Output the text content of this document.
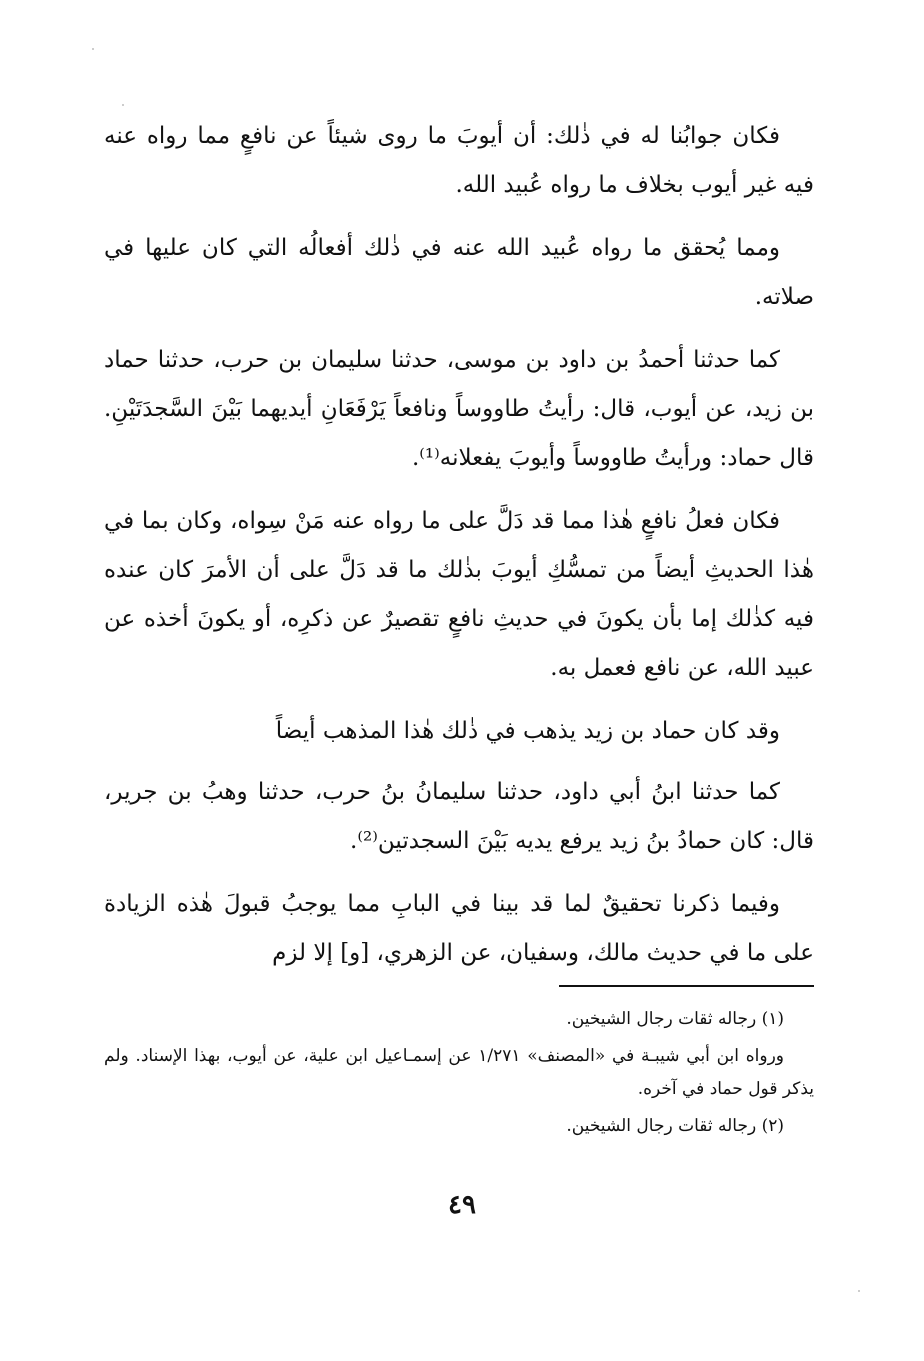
فكان جوابُنا له في ذٰلك: أن أيوبَ ما روى شيئاً عن نافعٍ مما رواه عنه فيه غير أيوب بخلاف ما رواه عُبيد الله.

ومما يُحقق ما رواه عُبيد الله عنه في ذٰلك أفعالُه التي كان عليها في صلاته.

كما حدثنا أحمدُ بن داود بن موسى، حدثنا سليمان بن حرب، حدثنا حماد بن زيد، عن أيوب، قال: رأيتُ طاووساً ونافعاً يَرْفَعَانِ أيديهما بَيْنَ السَّجدَتَيْنِ. قال حماد: ورأيتُ طاووساً وأيوبَ يفعلانه⁽¹⁾.

فكان فعلُ نافعٍ هٰذا مما قد دَلَّ على ما رواه عنه مَنْ سِواه، وكان بما في هٰذا الحديثِ أيضاً من تمسُّكِ أيوبَ بذٰلك ما قد دَلَّ على أن الأمرَ كان عنده فيه كذٰلك إما بأن يكونَ في حديثِ نافعٍ تقصيرٌ عن ذكرِه، أو يكونَ أخذه عن عبيد الله، عن نافع فعمل به.

وقد كان حماد بن زيد يذهب في ذٰلك هٰذا المذهب أيضاً

كما حدثنا ابنُ أبي داود، حدثنا سليمانُ بنُ حرب، حدثنا وهبُ بن جرير، قال: كان حمادُ بنُ زيد يرفع يديه بَيْنَ السجدتين⁽²⁾.

وفيما ذكرنا تحقيقٌ لما قد بينا في البابِ مما يوجبُ قبولَ هٰذه الزيادة على ما في حديث مالك، وسفيان، عن الزهري، [و] إلا لزم

(١) رجاله ثقات رجال الشيخين.

ورواه ابن أبي شيبـة في «المصنف» ١/٢٧١ عن إسمـاعيل ابن علية، عن أيوب، بهذا الإسناد. ولم يذكر قول حماد في آخره.

(٢) رجاله ثقات رجال الشيخين.

٤٩
